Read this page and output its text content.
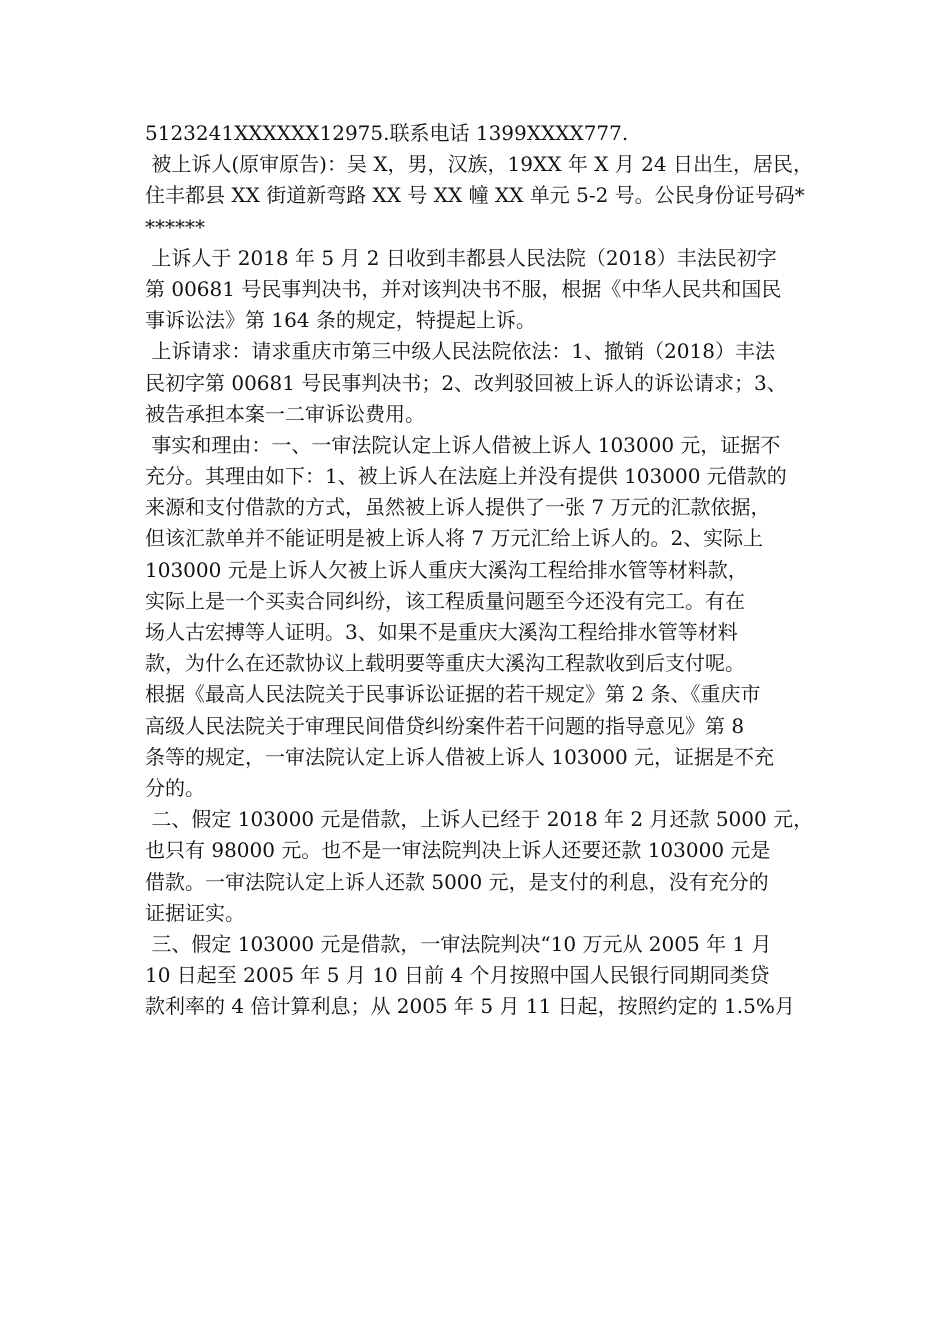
5123241XXXXXX12975.联系电话 1399XXXX777.
被上诉人(原审原告)：吴 X，男，汉族，19XX 年 X 月 24 日出生，居民，
住丰都县 XX 街道新弯路 XX 号 XX 幢 XX 单元 5-2 号。公民身份证号码*
******
上诉人于 2018 年 5 月 2 日收到丰都县人民法院（2018）丰法民初字
第 00681 号民事判决书，并对该判决书不服，根据《中华人民共和国民
事诉讼法》第 164 条的规定，特提起上诉。
上诉请求：请求重庆市第三中级人民法院依法：1、撤销（2018）丰法
民初字第 00681 号民事判决书；2、改判驳回被上诉人的诉讼请求；3、
被告承担本案一二审诉讼费用。
事实和理由：一、一审法院认定上诉人借被上诉人 103000 元，证据不
充分。其理由如下：1、被上诉人在法庭上并没有提供 103000 元借款的
来源和支付借款的方式，虽然被上诉人提供了一张 7 万元的汇款依据，
但该汇款单并不能证明是被上诉人将 7 万元汇给上诉人的。2、实际上
103000 元是上诉人欠被上诉人重庆大溪沟工程给排水管等材料款，
实际上是一个买卖合同纠纷，该工程质量问题至今还没有完工。有在
场人古宏搏等人证明。3、如果不是重庆大溪沟工程给排水管等材料
款，为什么在还款协议上载明要等重庆大溪沟工程款收到后支付呢。
根据《最高人民法院关于民事诉讼证据的若干规定》第 2 条、《重庆市
高级人民法院关于审理民间借贷纠纷案件若干问题的指导意见》第 8
条等的规定，一审法院认定上诉人借被上诉人 103000 元，证据是不充
分的。
二、假定 103000 元是借款，上诉人已经于 2018 年 2 月还款 5000 元，
也只有 98000 元。也不是一审法院判决上诉人还要还款 103000 元是
借款。一审法院认定上诉人还款 5000 元，是支付的利息，没有充分的
证据证实。
三、假定 103000 元是借款，一审法院判决“10 万元从 2005 年 1 月
10 日起至 2005 年 5 月 10 日前 4 个月按照中国人民银行同期同类贷
款利率的 4 倍计算利息；从 2005 年 5 月 11 日起，按照约定的 1.5%月
